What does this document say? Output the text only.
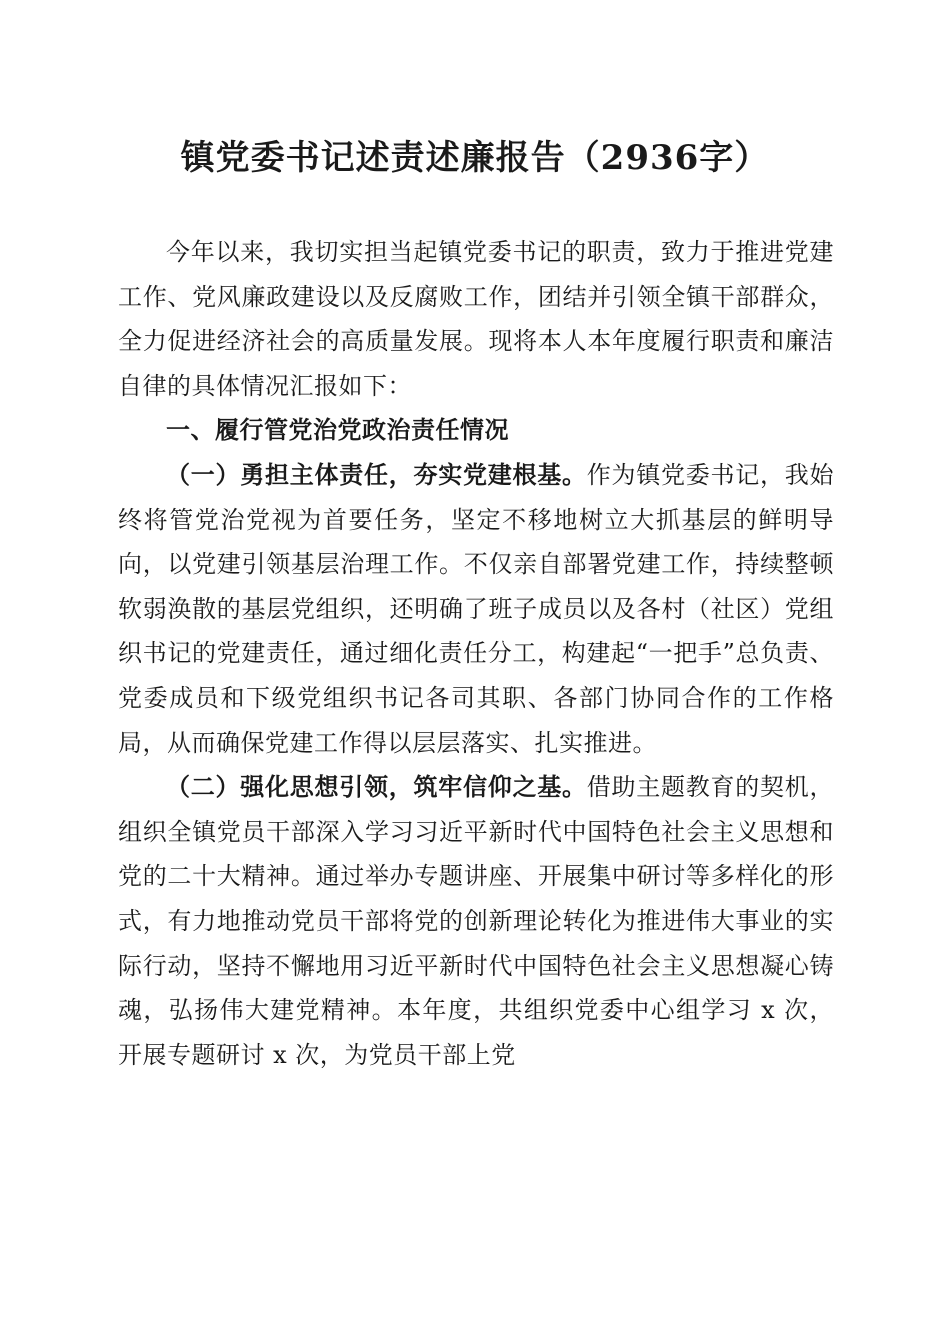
镇党委书记述责述廉报告（2936字）

今年以来，我切实担当起镇党委书记的职责，致力于推进党建工作、党风廉政建设以及反腐败工作，团结并引领全镇干部群众，全力促进经济社会的高质量发展。现将本人本年度履行职责和廉洁自律的具体情况汇报如下：

一、履行管党治党政治责任情况

（一）勇担主体责任，夯实党建根基。作为镇党委书记，我始终将管党治党视为首要任务，坚定不移地树立大抓基层的鲜明导向，以党建引领基层治理工作。不仅亲自部署党建工作，持续整顿软弱涣散的基层党组织，还明确了班子成员以及各村（社区）党组织书记的党建责任，通过细化责任分工，构建起“一把手”总负责、党委成员和下级党组织书记各司其职、各部门协同合作的工作格局，从而确保党建工作得以层层落实、扎实推进。

（二）强化思想引领，筑牢信仰之基。借助主题教育的契机，组织全镇党员干部深入学习习近平新时代中国特色社会主义思想和党的二十大精神。通过举办专题讲座、开展集中研讨等多样化的形式，有力地推动党员干部将党的创新理论转化为推进伟大事业的实际行动，坚持不懈地用习近平新时代中国特色社会主义思想凝心铸魂，弘扬伟大建党精神。本年度，共组织党委中心组学习 x 次，开展专题研讨 x 次，为党员干部上党
